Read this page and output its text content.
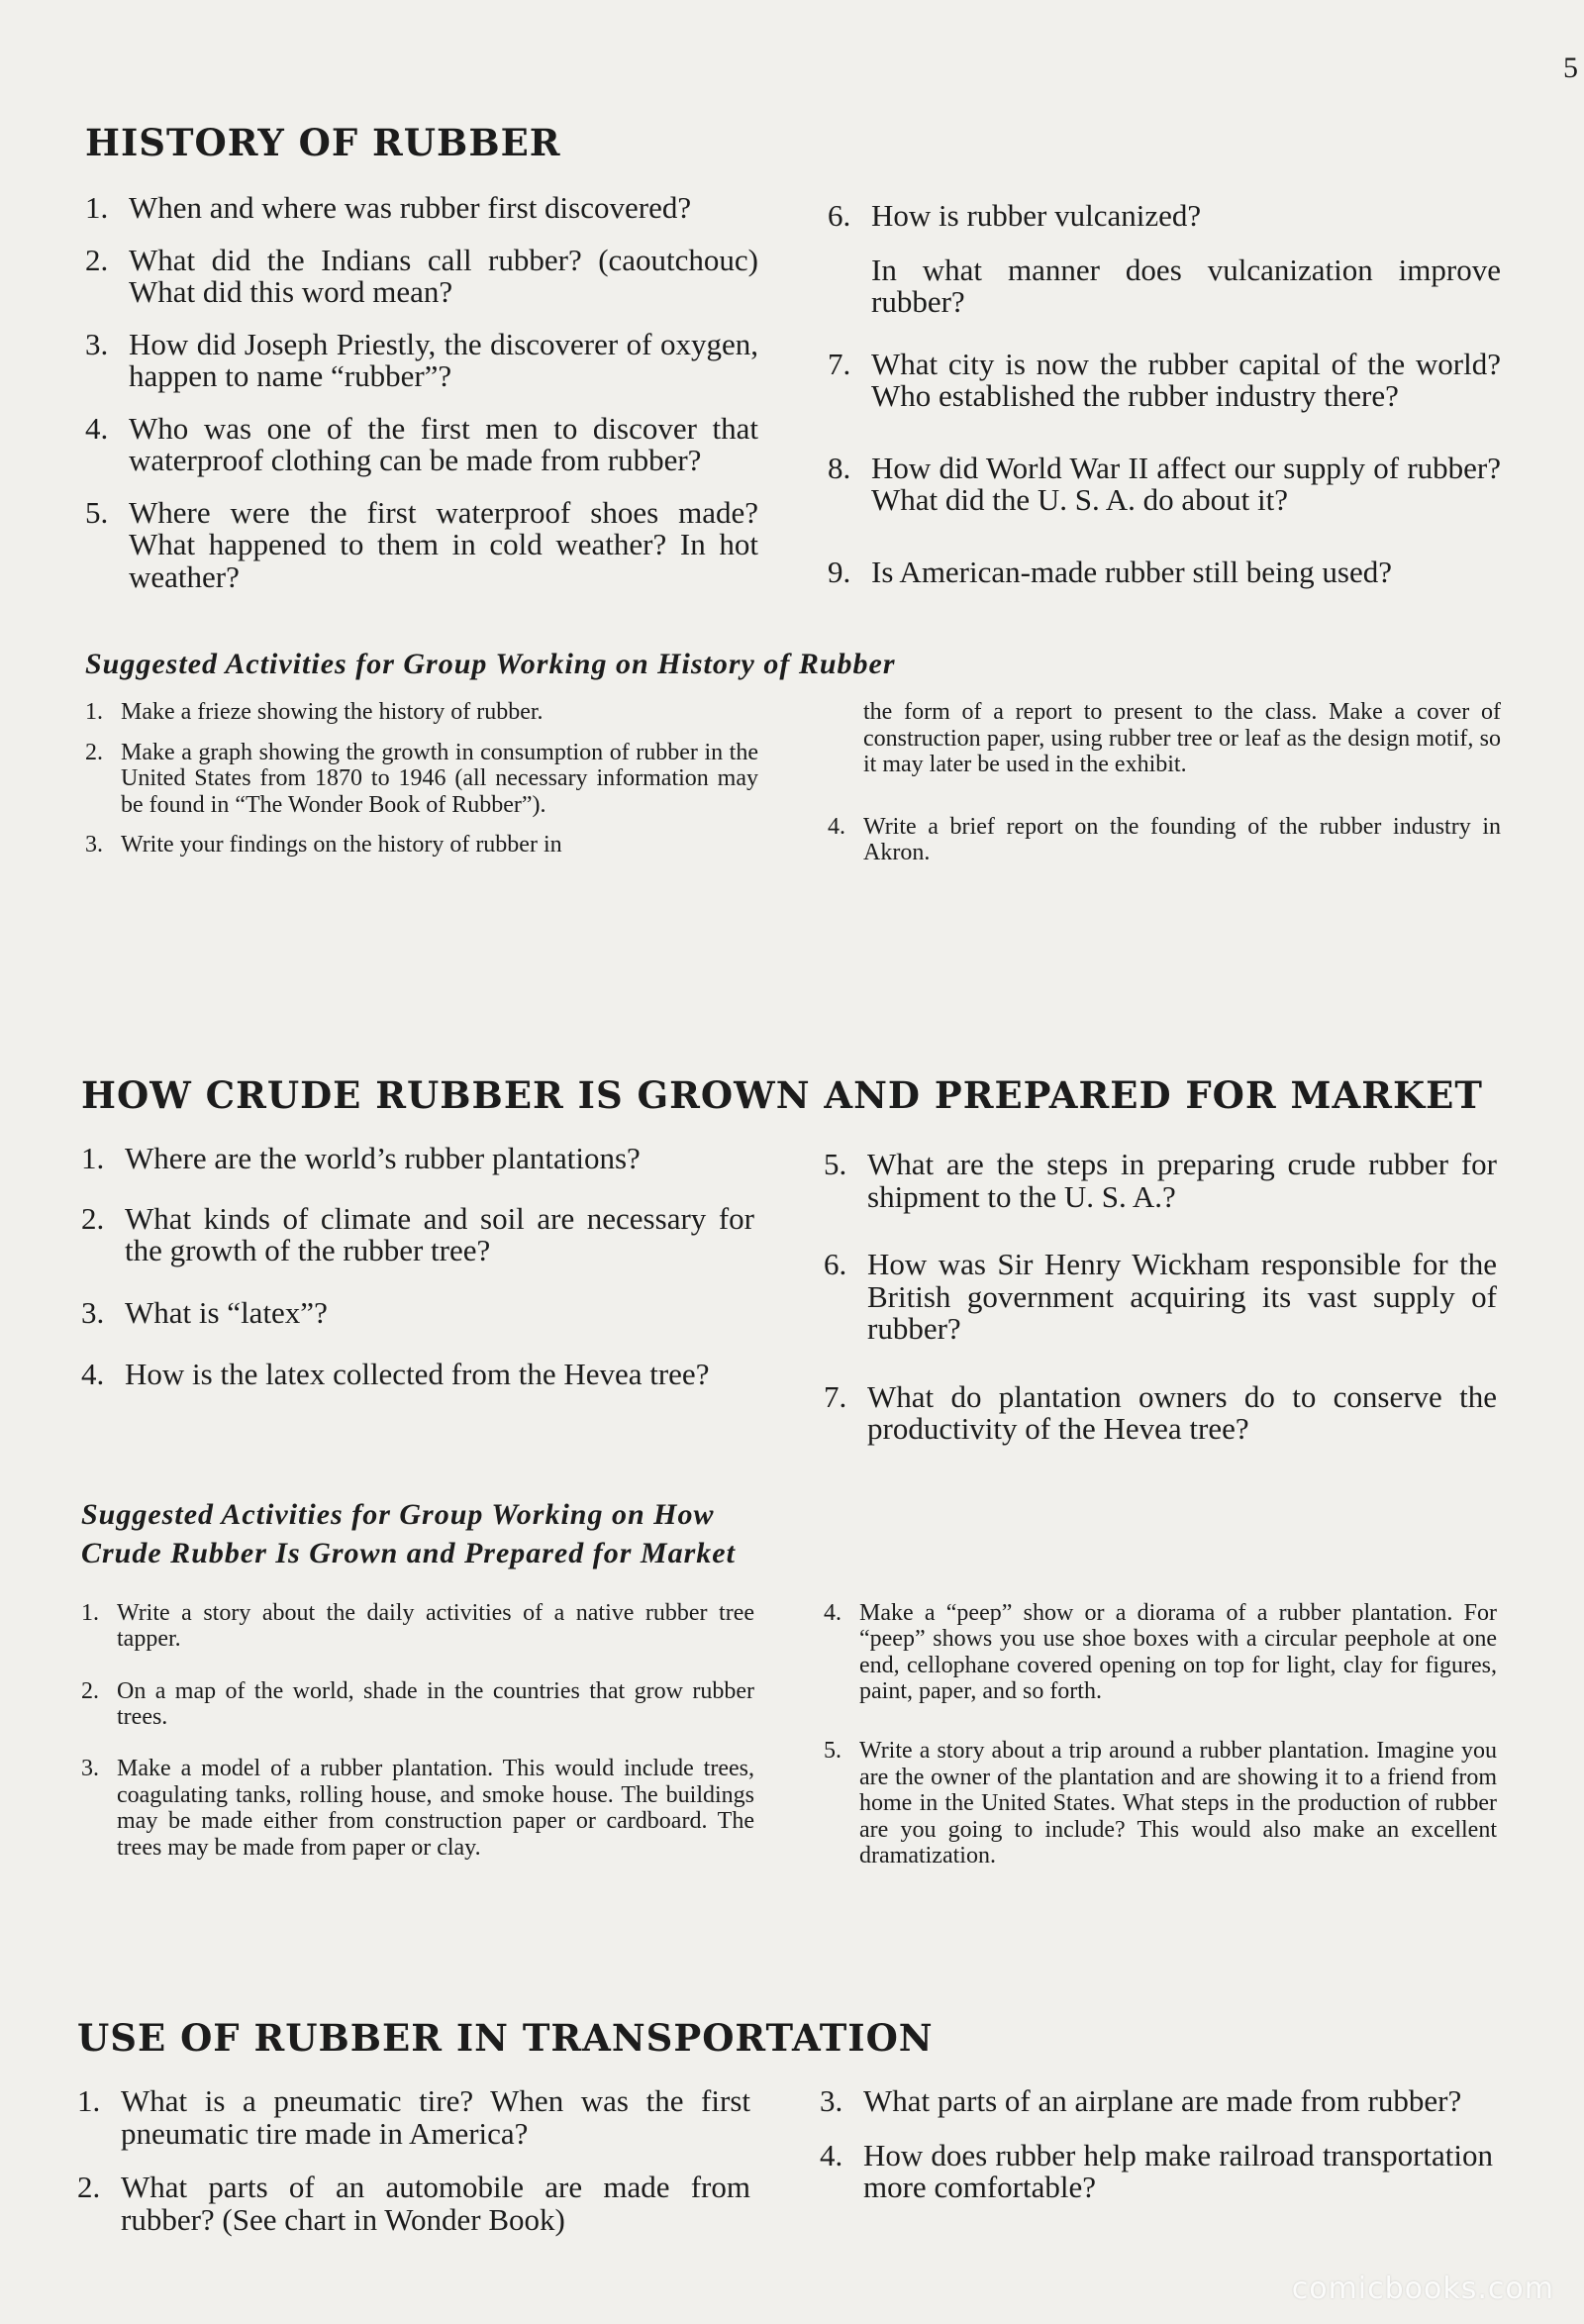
5
HISTORY OF RUBBER
1. When and where was rubber first discovered?
2. What did the Indians call rubber? (caoutchouc) What did this word mean?
3. How did Joseph Priestly, the discoverer of oxygen, happen to name “rubber”?
4. Who was one of the first men to discover that waterproof clothing can be made from rubber?
5. Where were the first waterproof shoes made? What happened to them in cold weather? In hot weather?
6. How is rubber vulcanized?
In what manner does vulcanization improve rubber?
7. What city is now the rubber capital of the world? Who established the rubber industry there?
8. How did World War II affect our supply of rubber? What did the U. S. A. do about it?
9. Is American-made rubber still being used?
Suggested Activities for Group Working on History of Rubber
1. Make a frieze showing the history of rubber.
2. Make a graph showing the growth in consumption of rubber in the United States from 1870 to 1946 (all necessary information may be found in “The Wonder Book of Rubber”).
3. Write your findings on the history of rubber in
the form of a report to present to the class. Make a cover of construction paper, using rubber tree or leaf as the design motif, so it may later be used in the exhibit.
4. Write a brief report on the founding of the rubber industry in Akron.
HOW CRUDE RUBBER IS GROWN AND PREPARED FOR MARKET
1. Where are the world’s rubber plantations?
2. What kinds of climate and soil are necessary for the growth of the rubber tree?
3. What is “latex”?
4. How is the latex collected from the Hevea tree?
5. What are the steps in preparing crude rubber for shipment to the U. S. A.?
6. How was Sir Henry Wickham responsible for the British government acquiring its vast supply of rubber?
7. What do plantation owners do to conserve the productivity of the Hevea tree?
Suggested Activities for Group Working on How
Crude Rubber Is Grown and Prepared for Market
1. Write a story about the daily activities of a native rubber tree tapper.
2. On a map of the world, shade in the countries that grow rubber trees.
3. Make a model of a rubber plantation. This would include trees, coagulating tanks, rolling house, and smoke house. The buildings may be made either from construction paper or cardboard. The trees may be made from paper or clay.
4. Make a “peep” show or a diorama of a rubber plantation. For “peep” shows you use shoe boxes with a circular peephole at one end, cellophane covered opening on top for light, clay for figures, paint, paper, and so forth.
5. Write a story about a trip around a rubber plantation. Imagine you are the owner of the plantation and are showing it to a friend from home in the United States. What steps in the production of rubber are you going to include? This would also make an excellent dramatization.
USE OF RUBBER IN TRANSPORTATION
1. What is a pneumatic tire? When was the first pneumatic tire made in America?
2. What parts of an automobile are made from rubber? (See chart in Wonder Book)
3. What parts of an airplane are made from rubber?
4. How does rubber help make railroad transportation more comfortable?
comicbooks.com
